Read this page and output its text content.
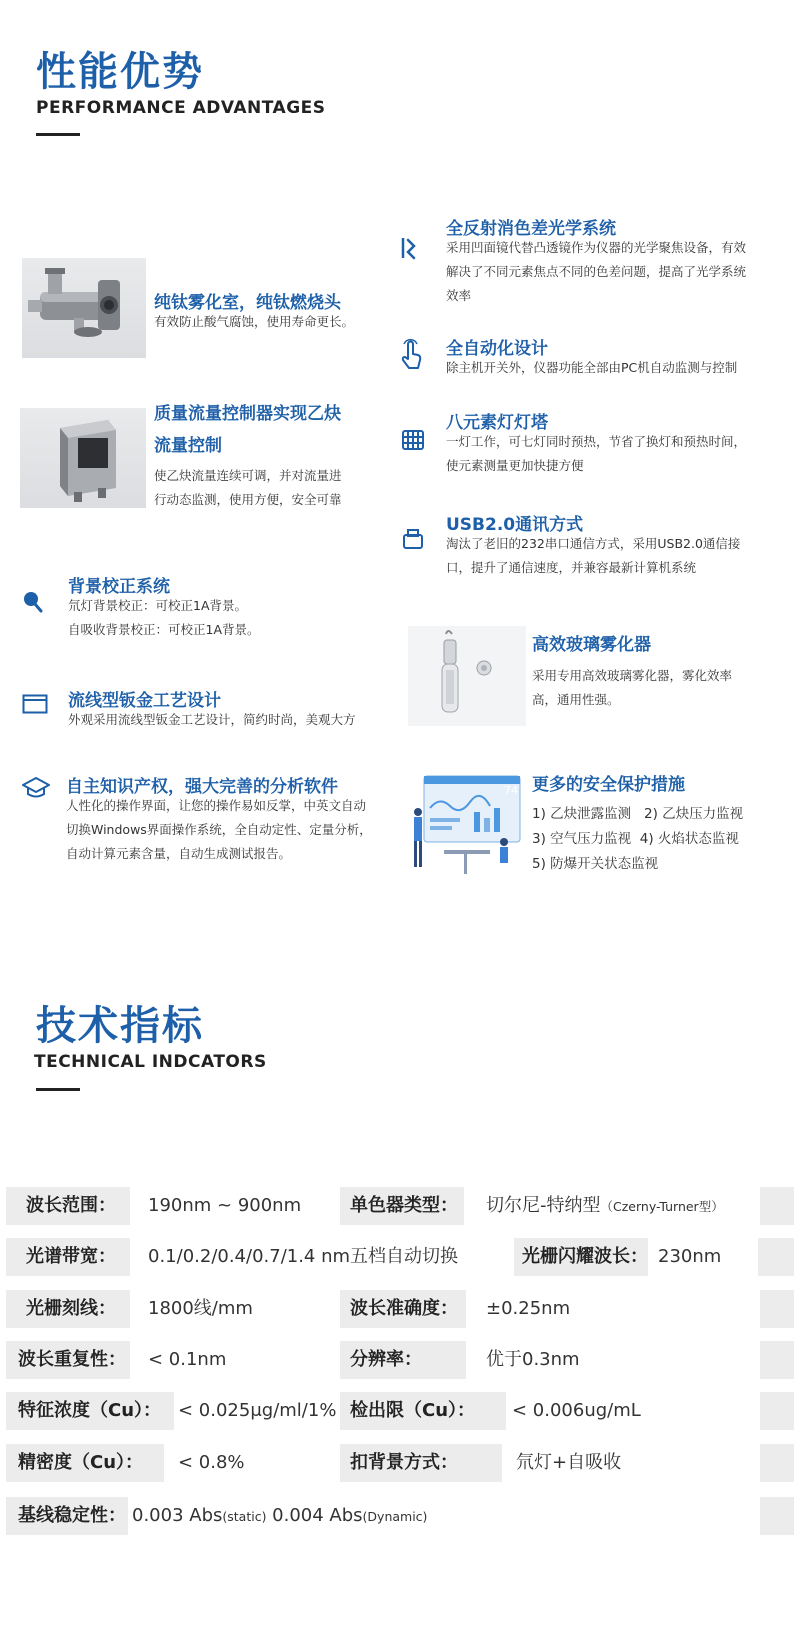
性能优势
PERFORMANCE ADVANTAGES
纯钛雾化室，纯钛燃烧头
有效防止酸气腐蚀，使用寿命更长。
质量流量控制器实现乙炔
流量控制
使乙炔流量连续可调，并对流量进
行动态监测，使用方便，安全可靠
背景校正系统
氘灯背景校正：可校正1A背景。
自吸收背景校正：可校正1A背景。
流线型钣金工艺设计
外观采用流线型钣金工艺设计，简约时尚，美观大方
自主知识产权，强大完善的分析软件
人性化的操作界面，让您的操作易如反掌，中英文自动
切换Windows界面操作系统，全自动定性、定量分析，
自动计算元素含量，自动生成测试报告。
全反射消色差光学系统
采用凹面镜代替凸透镜作为仪器的光学聚焦设备，有效
解决了不同元素焦点不同的色差问题，提高了光学系统
效率
全自动化设计
除主机开关外，仪器功能全部由PC机自动监测与控制
八元素灯灯塔
一灯工作，可七灯同时预热，节省了换灯和预热时间，
使元素测量更加快捷方便
USB2.0通讯方式
淘汰了老旧的232串口通信方式，采用USB2.0通信接
口，提升了通信速度，并兼容最新计算机系统
高效玻璃雾化器
采用专用高效玻璃雾化器，雾化效率
高，通用性强。
74 更多的安全保护措施
1) 乙炔泄露监测   2) 乙炔压力监视
3) 空气压力监视  4) 火焰状态监视
5) 防爆开关状态监视
技术指标
TECHNICAL INDCATORS
波长范围：	190nm ~ 900nm	单色器类型：	切尔尼-特纳型（Czerny-Turner型）
光谱带宽：	0.1/0.2/0.4/0.7/1.4 nm五档自动切换	光栅闪耀波长： 230nm
光栅刻线：	1800线/mm	波长准确度：	±0.25nm
波长重复性：	< 0.1nm	分辨率：	优于0.3nm
特征浓度（Cu）： < 0.025μg/ml/1% 检出限（Cu）：	< 0.006ug/mL
精密度（Cu）：	< 0.8%	扣背景方式：	氘灯+自吸收
基线稳定性： 0.003 Abs(static) 0.004 Abs(Dynamic)
